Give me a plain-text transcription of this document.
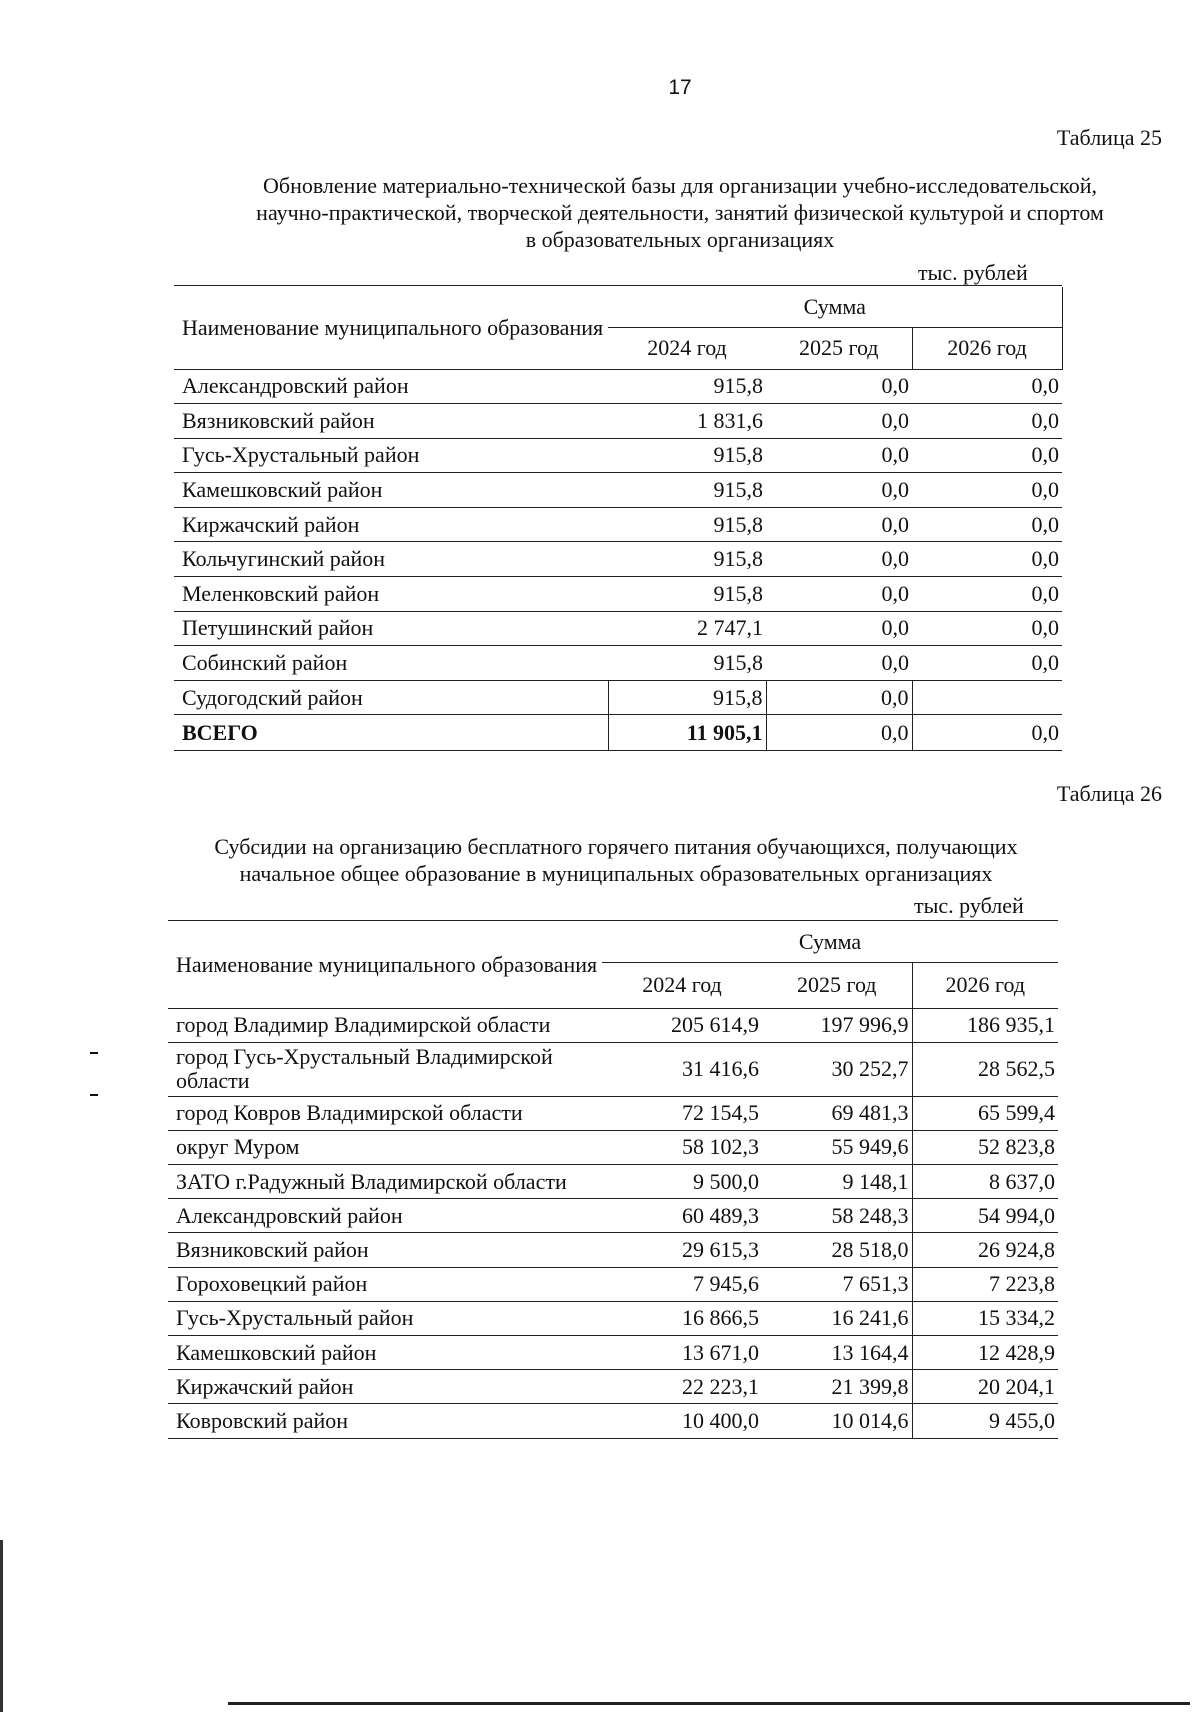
17
Таблица 25
Обновление материально-технической базы для организации учебно-исследовательской,
научно-практической, творческой деятельности, занятий физической культурой и спортом
в образовательных организациях
тыс. рублей
Наименование муниципального образования	Сумма		
	2024 год	2025 год	2026 год
Александровский район	915,8	0,0	0,0
Вязниковский район	1 831,6	0,0	0,0
Гусь-Хрустальный район	915,8	0,0	0,0
Камешковский район	915,8	0,0	0,0
Киржачский район	915,8	0,0	0,0
Кольчугинский район	915,8	0,0	0,0
Меленковский район	915,8	0,0	0,0
Петушинский район	2 747,1	0,0	0,0
Собинский район	915,8	0,0	0,0
Судогодский район	915,8	0,0	
ВСЕГО	11 905,1	0,0	0,0
Таблица 26
Субсидии на организацию бесплатного горячего питания обучающихся, получающих
начальное общее образование в муниципальных образовательных организациях
тыс. рублей
Наименование муниципального образования	Сумма		
	2024 год	2025 год	2026 год
город Владимир Владимирской области	205 614,9	197 996,9	186 935,1
город Гусь-Хрустальный Владимирской области	31 416,6	30 252,7	28 562,5
город Ковров Владимирской области	72 154,5	69 481,3	65 599,4
округ Муром	58 102,3	55 949,6	52 823,8
ЗАТО г.Радужный Владимирской области	9 500,0	9 148,1	8 637,0
Александровский район	60 489,3	58 248,3	54 994,0
Вязниковский район	29 615,3	28 518,0	26 924,8
Гороховецкий район	7 945,6	7 651,3	7 223,8
Гусь-Хрустальный район	16 866,5	16 241,6	15 334,2
Камешковский район	13 671,0	13 164,4	12 428,9
Киржачский район	22 223,1	21 399,8	20 204,1
Ковровский район	10 400,0	10 014,6	9 455,0
